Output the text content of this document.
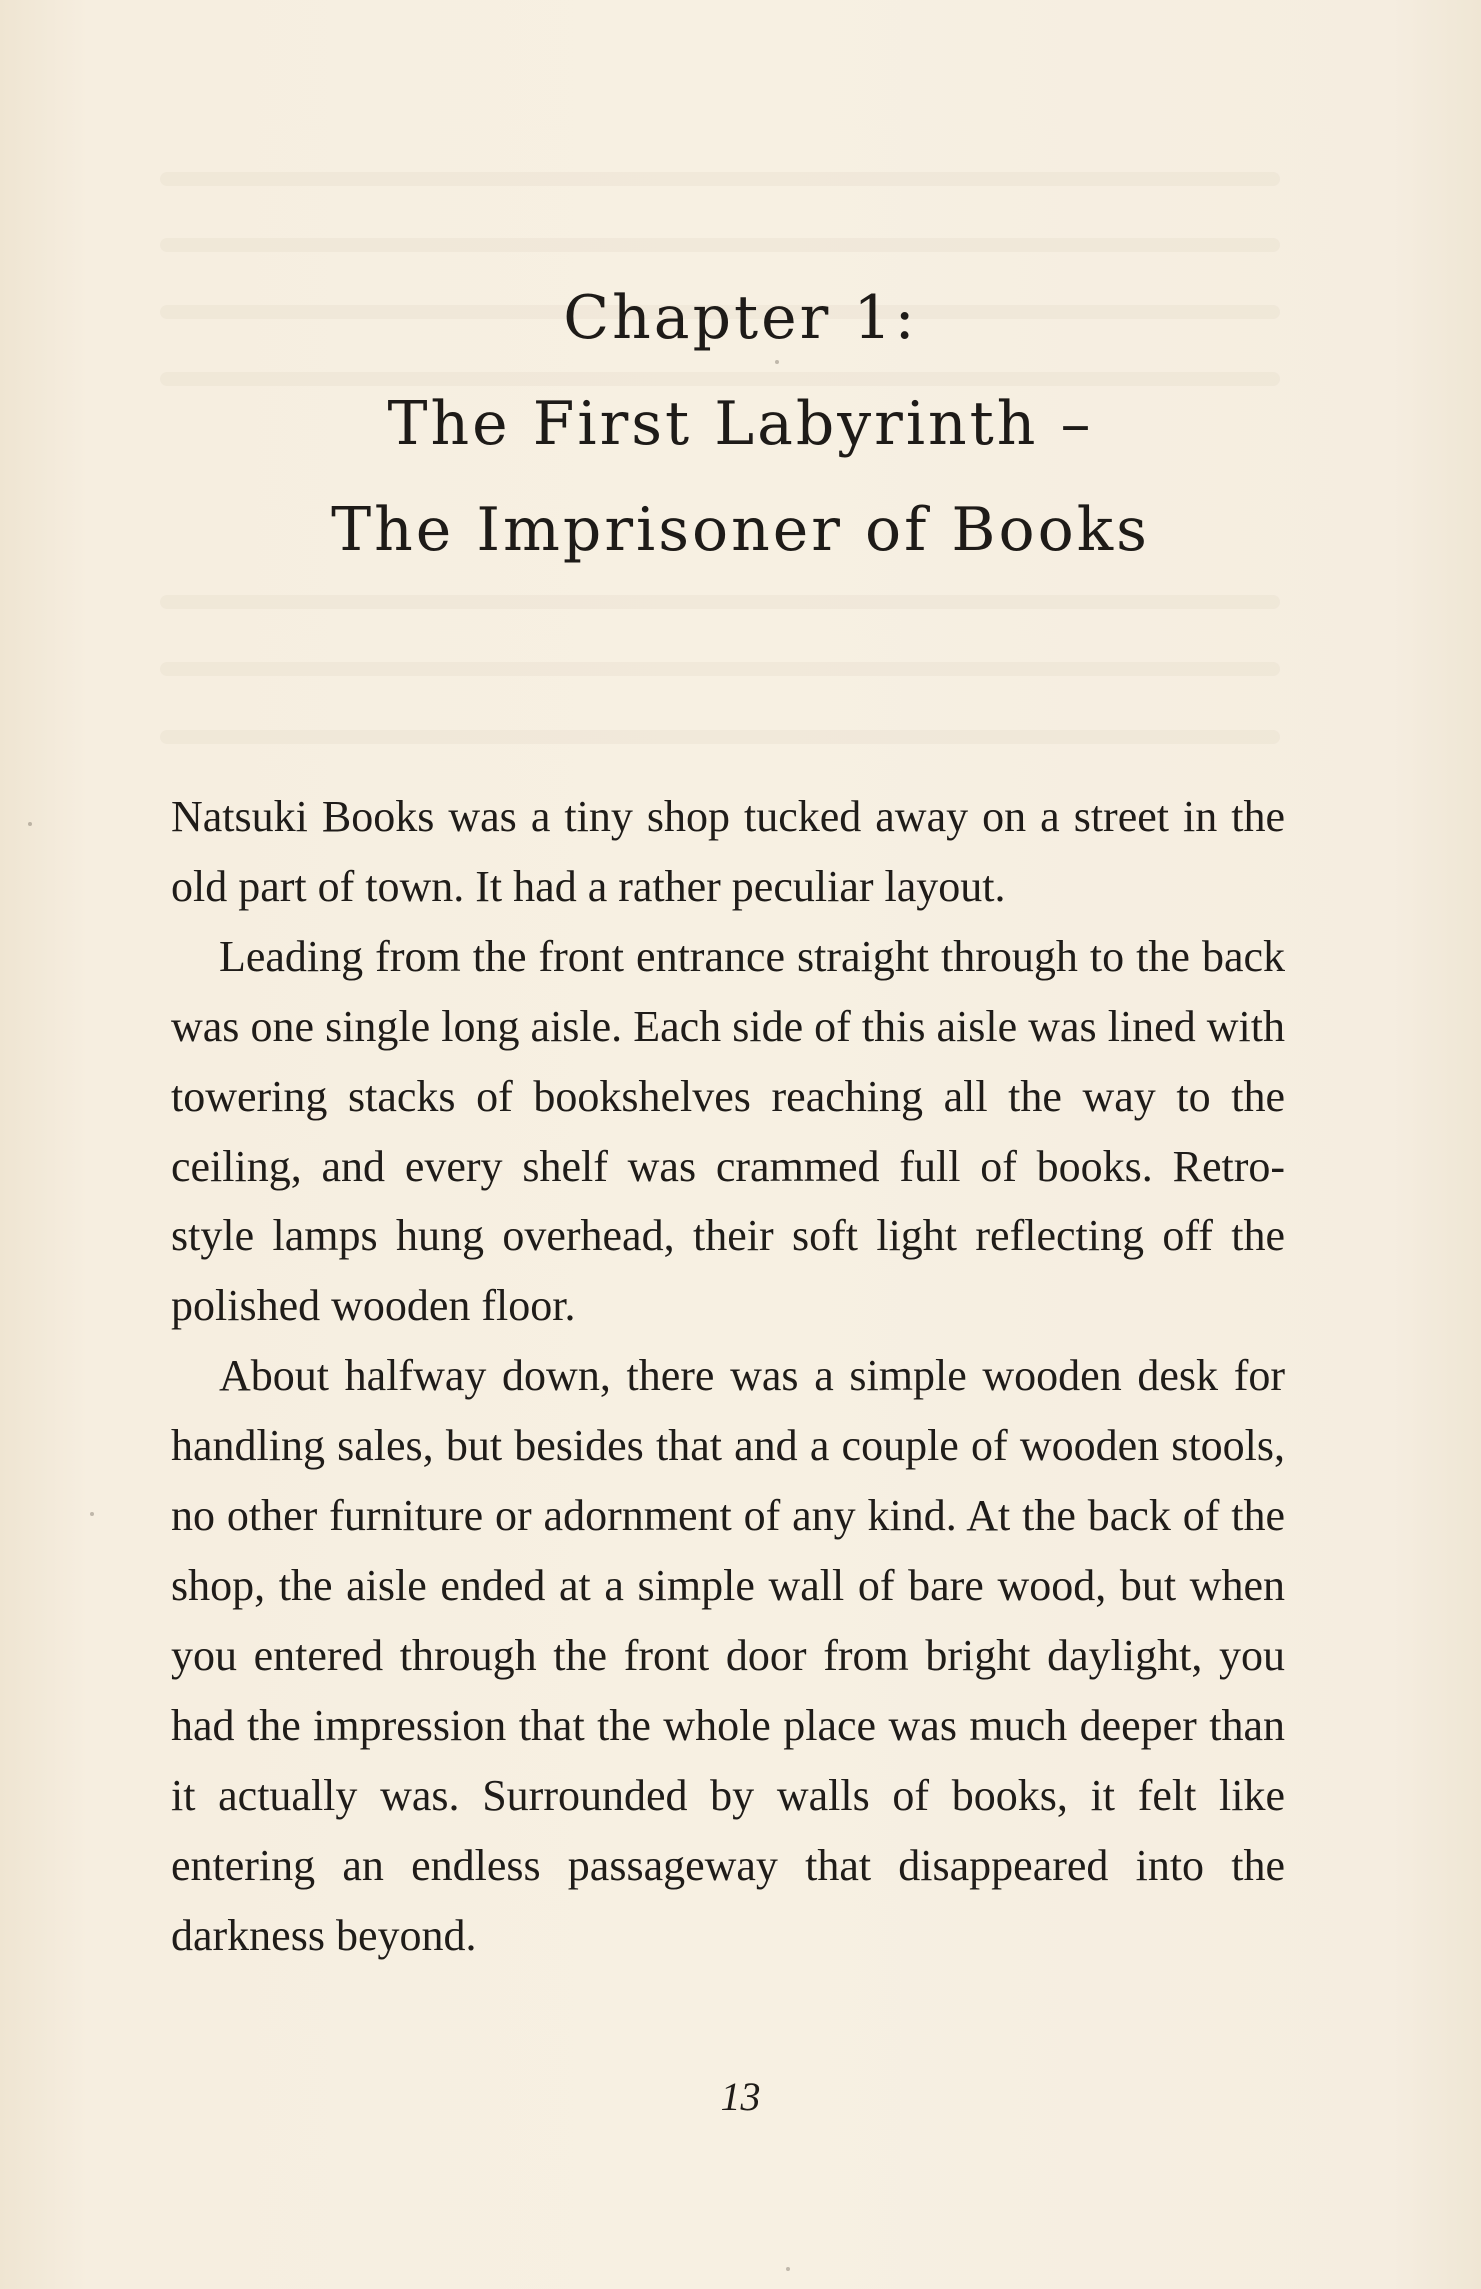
Chapter 1:
The First Labyrinth –
The Imprisoner of Books

Natsuki Books was a tiny shop tucked away on a street in the old part of town. It had a rather peculiar layout.

Leading from the front entrance straight through to the back was one single long aisle. Each side of this aisle was lined with towering stacks of bookshelves reaching all the way to the ceiling, and every shelf was crammed full of books. Retro-style lamps hung overhead, their soft light reflecting off the polished wooden floor.

About halfway down, there was a simple wooden desk for handling sales, but besides that and a couple of wooden stools, no other furniture or adornment of any kind. At the back of the shop, the aisle ended at a simple wall of bare wood, but when you entered through the front door from bright daylight, you had the impression that the whole place was much deeper than it actually was. Surrounded by walls of books, it felt like entering an endless passageway that disappeared into the darkness beyond.

13
